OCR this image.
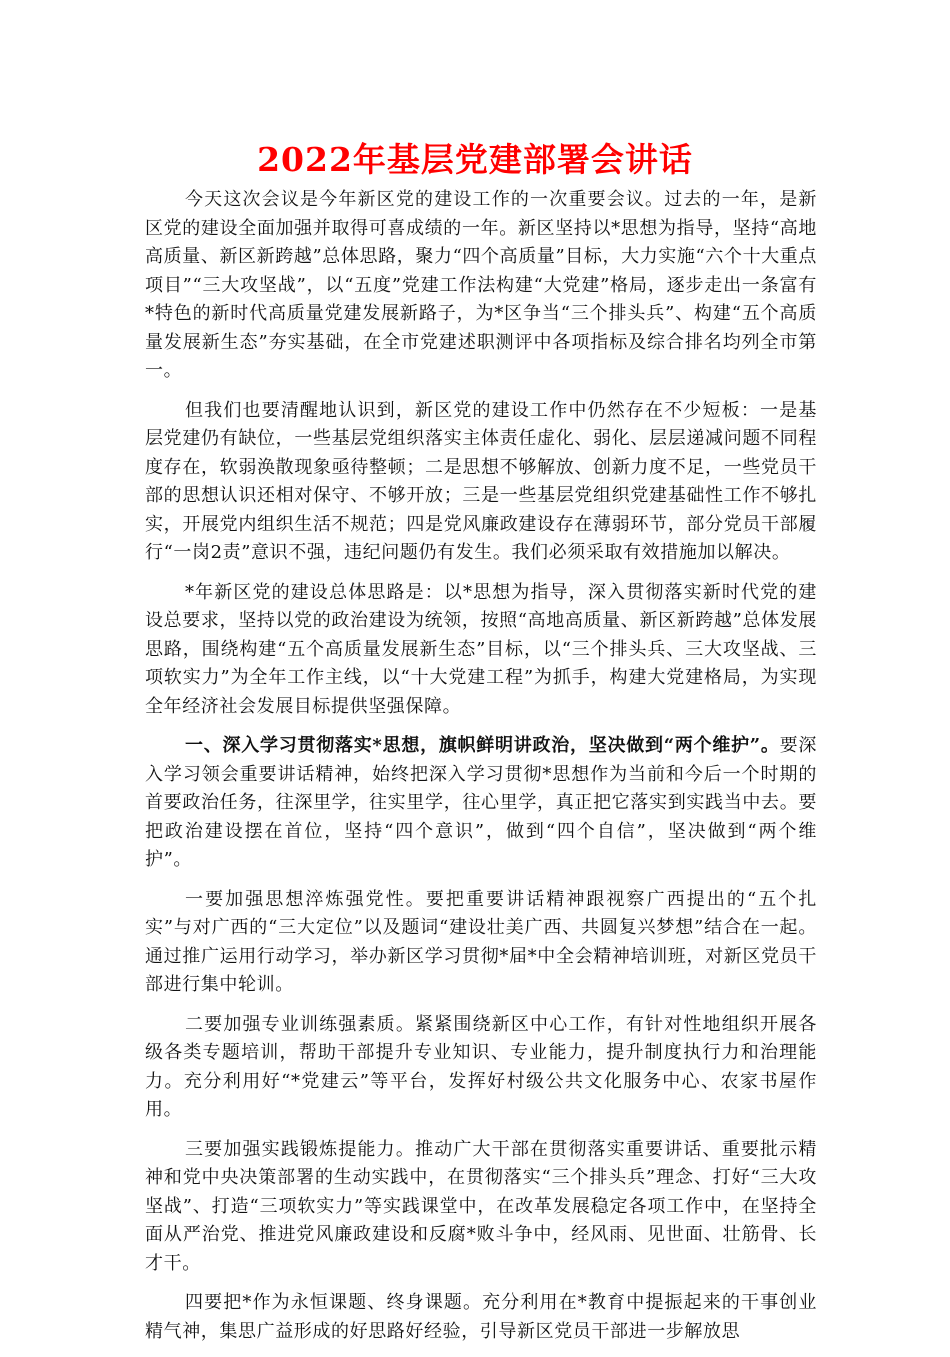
2022年基层党建部署会讲话

今天这次会议是今年新区党的建设工作的一次重要会议。过去的一年，是新区党的建设全面加强并取得可喜成绩的一年。新区坚持以*思想为指导，坚持“高地高质量、新区新跨越”总体思路，聚力“四个高质量”目标，大力实施“六个十大重点项目”“三大攻坚战”，以“五度”党建工作法构建“大党建”格局，逐步走出一条富有*特色的新时代高质量党建发展新路子，为*区争当“三个排头兵”、构建“五个高质量发展新生态”夯实基础，在全市党建述职测评中各项指标及综合排名均列全市第一。

但我们也要清醒地认识到，新区党的建设工作中仍然存在不少短板：一是基层党建仍有缺位，一些基层党组织落实主体责任虚化、弱化、层层递减问题不同程度存在，软弱涣散现象亟待整顿；二是思想不够解放、创新力度不足，一些党员干部的思想认识还相对保守、不够开放；三是一些基层党组织党建基础性工作不够扎实，开展党内组织生活不规范；四是党风廉政建设存在薄弱环节，部分党员干部履行“一岗2责”意识不强，违纪问题仍有发生。我们必须采取有效措施加以解决。

*年新区党的建设总体思路是：以*思想为指导，深入贯彻落实新时代党的建设总要求，坚持以党的政治建设为统领，按照“高地高质量、新区新跨越”总体发展思路，围绕构建“五个高质量发展新生态”目标，以“三个排头兵、三大攻坚战、三项软实力”为全年工作主线，以“十大党建工程”为抓手，构建大党建格局，为实现全年经济社会发展目标提供坚强保障。

一、深入学习贯彻落实*思想，旗帜鲜明讲政治，坚决做到“两个维护”。要深入学习领会重要讲话精神，始终把深入学习贯彻*思想作为当前和今后一个时期的首要政治任务，往深里学，往实里学，往心里学，真正把它落实到实践当中去。要把政治建设摆在首位，坚持“四个意识”，做到“四个自信”，坚决做到“两个维护”。

一要加强思想淬炼强党性。要把重要讲话精神跟视察广西提出的“五个扎实”与对广西的“三大定位”以及题词“建设壮美广西、共圆复兴梦想”结合在一起。通过推广运用行动学习，举办新区学习贯彻*届*中全会精神培训班，对新区党员干部进行集中轮训。

二要加强专业训练强素质。紧紧围绕新区中心工作，有针对性地组织开展各级各类专题培训，帮助干部提升专业知识、专业能力，提升制度执行力和治理能力。充分利用好“*党建云”等平台，发挥好村级公共文化服务中心、农家书屋作用。

三要加强实践锻炼提能力。推动广大干部在贯彻落实重要讲话、重要批示精神和党中央决策部署的生动实践中，在贯彻落实“三个排头兵”理念、打好“三大攻坚战”、打造“三项软实力”等实践课堂中，在改革发展稳定各项工作中，在坚持全面从严治党、推进党风廉政建设和反腐*败斗争中，经风雨、见世面、壮筋骨、长才干。

四要把*作为永恒课题、终身课题。充分利用在*教育中提振起来的干事创业精气神，集思广益形成的好思路好经验，引导新区党员干部进一步解放思
